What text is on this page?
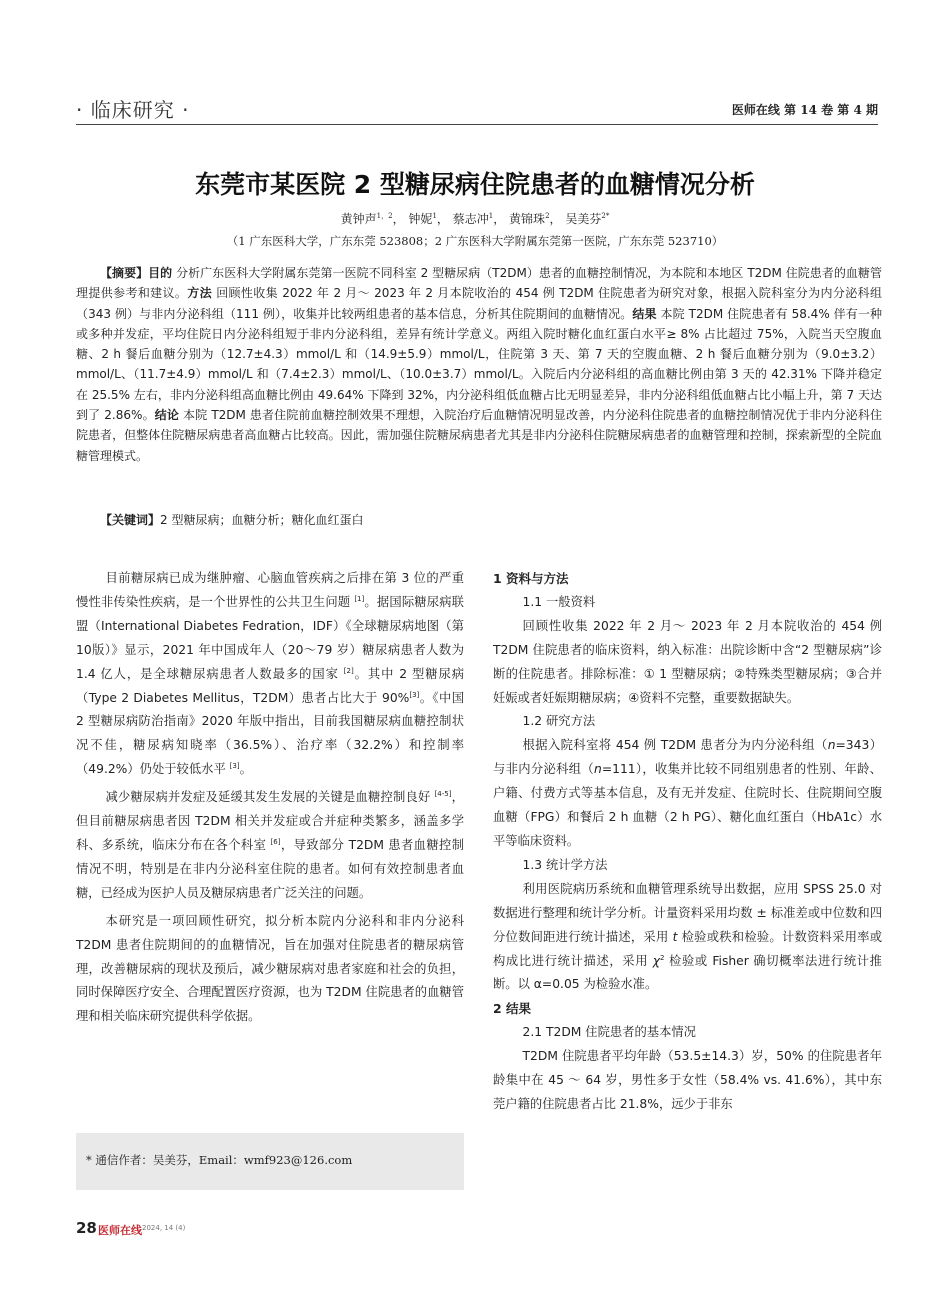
· 临床研究 ·	医师在线 第 14 卷 第 4 期
东莞市某医院 2 型糖尿病住院患者的血糖情况分析
黄钟声$^{1,2}$， 钟妮$^1$， 蔡志冲$^1$， 黄锦珠$^2$， 吴美芬$^{2*}$
（1 广东医科大学，广东东莞 523808；2 广东医科大学附属东莞第一医院，广东东莞 523710）
【摘要】目的 分析广东医科大学附属东莞第一医院不同科室 2 型糖尿病（T2DM）患者的血糖控制情况，为本院和本地区 T2DM 住院患者的血糖管理提供参考和建议。方法 回顾性收集 2022 年 2 月～ 2023 年 2 月本院收治的 454 例 T2DM 住院患者为研究对象，根据入院科室分为内分泌科组（343 例）与非内分泌科组（111 例），收集并比较两组患者的基本信息，分析其住院期间的血糖情况。结果 本院 T2DM 住院患者有 58.4% 伴有一种或多种并发症，平均住院日内分泌科组短于非内分泌科组，差异有统计学意义。两组入院时糖化血红蛋白水平≥ 8% 占比超过 75%，入院当天空腹血糖、2 h 餐后血糖分别为（12.7±4.3）mmol/L 和（14.9±5.9）mmol/L，住院第 3 天、第 7 天的空腹血糖、2 h 餐后血糖分别为（9.0±3.2）mmol/L、（11.7±4.9）mmol/L 和（7.4±2.3）mmol/L、（10.0±3.7）mmol/L。入院后内分泌科组的高血糖比例由第 3 天的 42.31% 下降并稳定在 25.5% 左右，非内分泌科组高血糖比例由 49.64% 下降到 32%，内分泌科组低血糖占比无明显差异，非内分泌科组低血糖占比小幅上升，第 7 天达到了 2.86%。结论 本院 T2DM 患者住院前血糖控制效果不理想，入院治疗后血糖情况明显改善，内分泌科住院患者的血糖控制情况优于非内分泌科住院患者，但整体住院糖尿病患者高血糖占比较高。因此，需加强住院糖尿病患者尤其是非内分泌科住院糖尿病患者的血糖管理和控制，探索新型的全院血糖管理模式。
【关键词】2 型糖尿病；血糖分析；糖化血红蛋白

目前糖尿病已成为继肿瘤、心脑血管疾病之后排在第 3 位的严重慢性非传染性疾病，是一个世界性的公共卫生问题 [1]。据国际糖尿病联盟（International Diabetes Fedration，IDF）《全球糖尿病地图（第 10版）》显示，2021 年中国成年人（20～79 岁）糖尿病患者人数为 1.4 亿人，是全球糖尿病患者人数最多的国家 [2]。其中 2 型糖尿病（Type 2 Diabetes Mellitus，T2DM）患者占比大于 90%[3]。《中国 2 型糖尿病防治指南》2020 年版中指出，目前我国糖尿病血糖控制状况不佳，糖尿病知晓率（36.5%）、治疗率（32.2%）和控制率（49.2%）仍处于较低水平 [3]。

减少糖尿病并发症及延缓其发生发展的关键是血糖控制良好 [4-5]，但目前糖尿病患者因 T2DM 相关并发症或合并症种类繁多，涵盖多学科、多系统，临床分布在各个科室 [6]，导致部分 T2DM 患者血糖控制情况不明，特别是在非内分泌科室住院的患者。如何有效控制患者血糖，已经成为医护人员及糖尿病患者广泛关注的问题。

本研究是一项回顾性研究，拟分析本院内分泌科和非内分泌科 T2DM 患者住院期间的的血糖情况，旨在加强对住院患者的糖尿病管理，改善糖尿病的现状及预后，减少糖尿病对患者家庭和社会的负担，同时保障医疗安全、合理配置医疗资源，也为 T2DM 住院患者的血糖管理和相关临床研究提供科学依据。

* 通信作者：吴美芬，Email：wmf923@126.com
1 资料与方法
1.1 一般资料

回顾性收集 2022 年 2 月～ 2023 年 2 月本院收治的 454 例 T2DM 住院患者的临床资料，纳入标准：出院诊断中含“2 型糖尿病”诊断的住院患者。排除标准：① 1 型糖尿病；②特殊类型糖尿病；③合并妊娠或者妊娠期糖尿病；④资料不完整，重要数据缺失。

1.2 研究方法

根据入院科室将 454 例 T2DM 患者分为内分泌科组（n=343）与非内分泌科组（n=111），收集并比较不同组别患者的性别、年龄、户籍、付费方式等基本信息，及有无并发症、住院时长、住院期间空腹血糖（FPG）和餐后 2 h 血糖（2 h PG）、糖化血红蛋白（HbA1c）水平等临床资料。

1.3 统计学方法

利用医院病历系统和血糖管理系统导出数据，应用 SPSS 25.0 对数据进行整理和统计学分析。计量资料采用均数 ± 标准差或中位数和四分位数间距进行统计描述，采用 t 检验或秩和检验。计数资料采用率或构成比进行统计描述，采用 $\chi^2$ 检验或 Fisher 确切概率法进行统计推断。以 α=0.05 为检验水准。

2 结果
2.1 T2DM 住院患者的基本情况

T2DM 住院患者平均年龄（53.5±14.3）岁，50% 的住院患者年龄集中在 45 ～ 64 岁，男性多于女性（58.4% vs. 41.6%），其中东莞户籍的住院患者占比 21.8%，远少于非东

28 医师在线 2024, 14 (4)
